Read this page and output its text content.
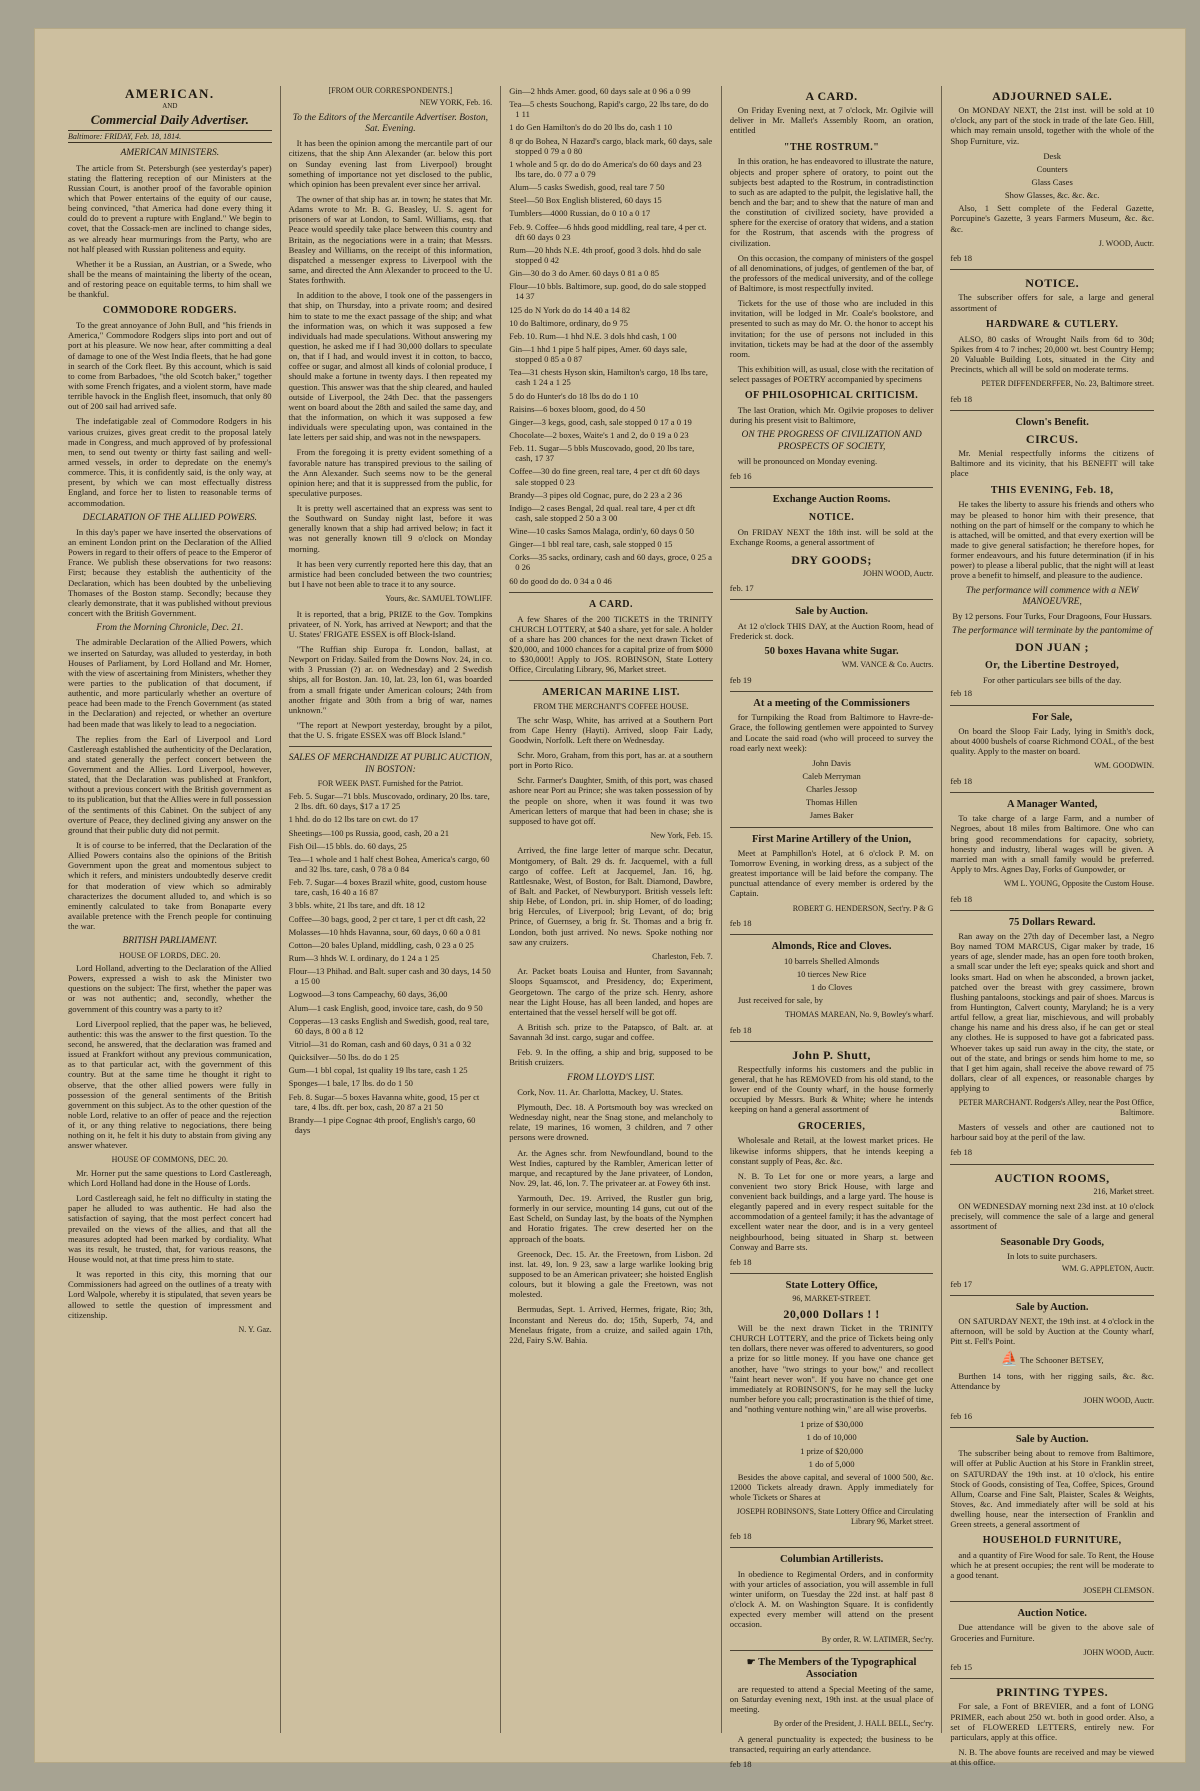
AMERICAN.
AND
Commercial Daily Advertiser.
Baltimore: FRIDAY, Feb. 18, 1814.
AMERICAN MINISTERS.

The article from St. Petersburgh (see yesterday's paper) stating the flattering reception of our Ministers at the Russian Court, is another proof of the favorable opinion which that Power entertains of the equity of our cause, being convinced, "that America had done every thing it could do to prevent a rupture with England." We begin to covet, that the Cossack-men are inclined to change sides, as we already hear murmurings from the Party, who are not half pleased with Russian politeness and equity.

Whether it be a Russian, an Austrian, or a Swede, who shall be the means of maintaining the liberty of the ocean, and of restoring peace on equitable terms, to him shall we be thankful.

COMMODORE RODGERS.

To the great annoyance of John Bull, and "his friends in America," Commodore Rodgers slips into port and out of port at his pleasure. We now hear, after committing a deal of damage to one of the West India fleets, that he had gone in search of the Cork fleet. By this account, which is said to come from Barbadoes, "the old Scotch baker," together with some French frigates, and a violent storm, have made terrible havock in the English fleet, insomuch, that only 80 out of 200 sail had arrived safe.

The indefatigable zeal of Commodore Rodgers in his various cruizes, gives great credit to the proposal lately made in Congress, and much approved of by professional men, to send out twenty or thirty fast sailing and well-armed vessels, in order to depredate on the enemy's commerce. This, it is confidently said, is the only way, at present, by which we can most effectually distress England, and force her to listen to reasonable terms of accommodation.

DECLARATION OF THE ALLIED POWERS.

In this day's paper we have inserted the observations of an eminent London print on the Declaration of the Allied Powers in regard to their offers of peace to the Emperor of France. We publish these observations for two reasons: First; because they establish the authenticity of the Declaration, which has been doubted by the unbelieving Thomases of the Boston stamp. Secondly; because they clearly demonstrate, that it was published without previous concert with the British Government.

From the Morning Chronicle, Dec. 21.

The admirable Declaration of the Allied Powers, which we inserted on Saturday, was alluded to yesterday, in both Houses of Parliament, by Lord Holland and Mr. Horner, with the view of ascertaining from Ministers, whether they were parties to the publication of that document, if authentic, and more particularly whether an overture of peace had been made to the French Government (as stated in the Declaration) and rejected, or whether an overture had been made that was likely to lead to a negociation.

The replies from the Earl of Liverpool and Lord Castlereagh established the authenticity of the Declaration, and stated generally the perfect concert between the Government and the Allies. Lord Liverpool, however, stated, that the Declaration was published at Frankfort, without a previous concert with the British government as to its publication, but that the Allies were in full possession of the sentiments of this Cabinet. On the subject of any overture of Peace, they declined giving any answer on the ground that their public duty did not permit.

It is of course to be inferred, that the Declaration of the Allied Powers contains also the opinions of the British Government upon the great and momentous subject to which it refers, and ministers undoubtedly deserve credit for that moderation of view which so admirably characterizes the document alluded to, and which is so eminently calculated to take from Bonaparte every available pretence with the French people for continuing the war.

BRITISH PARLIAMENT.
HOUSE OF LORDS, DEC. 20.

Lord Holland, adverting to the Declaration of the Allied Powers, expressed a wish to ask the Minister two questions on the subject: The first, whether the paper was or was not authentic; and, secondly, whether the government of this country was a party to it?

Lord Liverpool replied, that the paper was, he believed, authentic: this was the answer to the first question. To the second, he answered, that the declaration was framed and issued at Frankfort without any previous communication, as to that particular act, with the government of this country. But at the same time he thought it right to observe, that the other allied powers were fully in possession of the general sentiments of the British government on this subject. As to the other question of the noble Lord, relative to an offer of peace and the rejection of it, or any thing relative to negociations, there being nothing on it, he felt it his duty to abstain from giving any answer whatever.

HOUSE OF COMMONS, DEC. 20.

Mr. Horner put the same questions to Lord Castlereagh, which Lord Holland had done in the House of Lords.

Lord Castlereagh said, he felt no difficulty in stating the paper he alluded to was authentic. He had also the satisfaction of saying, that the most perfect concert had prevailed on the views of the allies, and that all the measures adopted had been marked by cordiality. What was its result, he trusted, that, for various reasons, the House would not, at that time press him to state.

It was reported in this city, this morning that our Commissioners had agreed on the outlines of a treaty with Lord Walpole, whereby it is stipulated, that seven years be allowed to settle the question of impressment and citizenship.

N. Y. Gaz.
[FROM OUR CORRESPONDENTS.]
NEW YORK, Feb. 16.
To the Editors of the Mercantile Advertiser. Boston, Sat. Evening.

It has been the opinion among the mercantile part of our citizens, that the ship Ann Alexander (ar. below this port on Sunday evening last from Liverpool) brought something of importance not yet disclosed to the public, which opinion has been prevalent ever since her arrival.

The owner of that ship has ar. in town; he states that Mr. Adams wrote to Mr. B. G. Beasley, U. S. agent for prisoners of war at London, to Saml. Williams, esq. that Peace would speedily take place between this country and Britain, as the negociations were in a train; that Messrs. Beasley and Williams, on the receipt of this information, dispatched a messenger express to Liverpool with the same, and directed the Ann Alexander to proceed to the U. States forthwith.

In addition to the above, I took one of the passengers in that ship, on Thursday, into a private room; and desired him to state to me the exact passage of the ship; and what the information was, on which it was supposed a few individuals had made speculations. Without answering my question, he asked me if I had 30,000 dollars to speculate on, that if I had, and would invest it in cotton, to bacco, coffee or sugar, and almost all kinds of colonial produce, I should make a fortune in twenty days. I then repeated my question. This answer was that the ship cleared, and hauled outside of Liverpool, the 24th Dec. that the passengers went on board about the 28th and sailed the same day, and that the information, on which it was supposed a few individuals were speculating upon, was contained in the late letters per said ship, and was not in the newspapers.

From the foregoing it is pretty evident something of a favorable nature has transpired previous to the sailing of the Ann Alexander. Such seems now to be the general opinion here; and that it is suppressed from the public, for speculative purposes.

It is pretty well ascertained that an express was sent to the Southward on Sunday night last, before it was generally known that a ship had arrived below; in fact it was not generally known till 9 o'clock on Monday morning.

It has been very currently reported here this day, that an armistice had been concluded between the two countries; but I have not been able to trace it to any source.

Yours, &c. SAMUEL TOWLIFF.

It is reported, that a brig, PRIZE to the Gov. Tompkins privateer, of N. York, has arrived at Newport; and that the U. States' FRIGATE ESSEX is off Block-Island.

"The Ruffian ship Europa fr. London, ballast, at Newport on Friday. Sailed from the Downs Nov. 24, in co. with 3 Prussian (?) ar. on Wednesday) and 2 Swedish ships, all for Boston. Jan. 10, lat. 23, lon 61, was boarded from a small frigate under American colours; 24th from another frigate and 30th from a brig of war, names unknown."

"The report at Newport yesterday, brought by a pilot, that the U. S. frigate ESSEX was off Block Island."

SALES OF MERCHANDIZE AT PUBLIC AUCTION, IN BOSTON:
FOR WEEK PAST. Furnished for the Patriot.
Feb. 5. Sugar—71 bbls. Muscovado, ordinary, 20 lbs. tare, 2 lbs. dft. 60 days, $17 a 17 25
1 hhd. do do 12 lbs tare on cwt. do 17
Sheetings—100 ps Russia, good, cash, 20 a 21
Fish Oil—15 bbls. do. 60 days, 25
Tea—1 whole and 1 half chest Bohea, America's cargo, 60 and 32 lbs. tare, cash, 0 78 a 0 84
Feb. 7. Sugar—4 boxes Brazil white, good, custom house tare, cash, 16 40 a 16 87
3 bbls. white, 21 lbs tare, and dft. 18 12
Coffee—30 bags, good, 2 per ct tare, 1 per ct dft cash, 22
Molasses—10 hhds Havanna, sour, 60 days, 0 60 a 0 81
Cotton—20 bales Upland, middling, cash, 0 23 a 0 25
Rum—3 hhds W. I. ordinary, do 1 24 a 1 25
Flour—13 Phihad. and Balt. super cash and 30 days, 14 50 a 15 00
Logwood—3 tons Campeachy, 60 days, 36,00
Alum—1 cask English, good, invoice tare, cash, do 9 50
Copperas—13 casks English and Swedish, good, real tare, 60 days, 8 00 a 8 12
Vitriol—31 do Roman, cash and 60 days, 0 31 a 0 32
Quicksilver—50 lbs. do do 1 25
Gum—1 bbl copal, 1st quality 19 lbs tare, cash 1 25
Sponges—1 bale, 17 lbs. do do 1 50
Feb. 8. Sugar—5 boxes Havanna white, good, 15 per ct tare, 4 lbs. dft. per box, cash, 20 87 a 21 50
Brandy—1 pipe Cognac 4th proof, English's cargo, 60 days
Gin—2 hhds Amer. good, 60 days sale at 0 96 a 0 99
Tea—5 chests Souchong, Rapid's cargo, 22 lbs tare, do do 1 11
1 do Gen Hamilton's do do 20 lbs do, cash 1 10
8 qr do Bohea, N Hazard's cargo, black mark, 60 days, sale stopped 0 79 a 0 80
1 whole and 5 qr. do do do America's do 60 days and 23 lbs tare, do. 0 77 a 0 79
Alum—5 casks Swedish, good, real tare 7 50
Steel—50 Box English blistered, 60 days 15
Tumblers—4000 Russian, do 0 10 a 0 17
Feb. 9. Coffee—6 hhds good middling, real tare, 4 per ct. dft 60 days 0 23
Rum—20 hhds N.E. 4th proof, good 3 dols. hhd do sale stopped 0 42
Gin—30 do 3 do Amer. 60 days 0 81 a 0 85
Flour—10 bbls. Baltimore, sup. good, do do sale stopped 14 37
125 do N York do do 14 40 a 14 82
10 do Baltimore, ordinary, do 9 75
Feb. 10. Rum—1 hhd N.E. 3 dols hhd cash, 1 00
Gin—1 hhd 1 pipe 5 half pipes, Amer. 60 days sale, stopped 0 85 a 0 87
Tea—31 chests Hyson skin, Hamilton's cargo, 18 lbs tare, cash 1 24 a 1 25
5 do do Hunter's do 18 lbs do do 1 10
Raisins—6 boxes bloom, good, do 4 50
Ginger—3 kegs, good, cash, sale stopped 0 17 a 0 19
Chocolate—2 boxes, Waite's 1 and 2, do 0 19 a 0 23
Feb. 11. Sugar—5 bbls Muscovado, good, 20 lbs tare, cash, 17 37
Coffee—30 do fine green, real tare, 4 per ct dft 60 days sale stopped 0 23
Brandy—3 pipes old Cognac, pure, do 2 23 a 2 36
Indigo—2 cases Bengal, 2d qual. real tare, 4 per ct dft cash, sale stopped 2 50 a 3 00
Wine—10 casks Samos Malaga, ordin'y, 60 days 0 50
Ginger—1 bbl real tare, cash, sale stopped 0 15
Corks—35 sacks, ordinary, cash and 60 days, groce, 0 25 a 0 26
60 do good do do. 0 34 a 0 46
A CARD.

A few Shares of the 200 TICKETS in the TRINITY CHURCH LOTTERY, at $40 a share, yet for sale. A holder of a share has 200 chances for the next drawn Ticket of $20,000, and 1000 chances for a capital prize of from $000 to $30,000!! Apply to JOS. ROBINSON, State Lottery Office, Circulating Library, 96, Market street.

AMERICAN MARINE LIST.
FROM THE MERCHANT'S COFFEE HOUSE.

The schr Wasp, White, has arrived at a Southern Port from Cape Henry (Hayti). Arrived, sloop Fair Lady, Goodwin, Norfolk. Left there on Wednesday.

Schr. Moro, Graham, from this port, has ar. at a southern port in Porto Rico.

Schr. Farmer's Daughter, Smith, of this port, was chased ashore near Port au Prince; she was taken possession of by the people on shore, when it was found it was two American letters of marque that had been in chase; she is supposed to have got off.

New York, Feb. 15.

Arrived, the fine large letter of marque schr. Decatur, Montgomery, of Balt. 29 ds. fr. Jacquemel, with a full cargo of coffee. Left at Jacquemel, Jan. 16, hg. Rattlesnake, West, of Boston, for Balt. Diamond, Dawbre, of Balt. and Packet, of Newburyport. British vessels left: ship Hebe, of London, pri. in. ship Homer, of do loading; brig Hercules, of Liverpool; brig Levant, of do; brig Prince, of Guernsey, a brig fr. St. Thomas and a brig fr. London, both just arrived. No news. Spoke nothing nor saw any cruizers.

Charleston, Feb. 7.

Ar. Packet boats Louisa and Hunter, from Savannah; Sloops Squamscot, and Presidency, do; Experiment, Georgetown. The cargo of the prize sch. Henry, ashore near the Light House, has all been landed, and hopes are entertained that the vessel herself will be got off.

A British sch. prize to the Patapsco, of Balt. ar. at Savannah 3d inst. cargo, sugar and coffee.

Feb. 9. In the offing, a ship and brig, supposed to be British cruizers.

FROM LLOYD'S LIST.

Cork, Nov. 11. Ar. Charlotta, Mackey, U. States.

Plymouth, Dec. 18. A Portsmouth boy was wrecked on Wednesday night, near the Snag stone, and melancholy to relate, 19 marines, 16 women, 3 children, and 7 other persons were drowned.

Ar. the Agnes schr. from Newfoundland, bound to the West Indies, captured by the Rambler, American letter of marque, and recaptured by the Jane privateer, of London, Nov. 29, lat. 46, lon. 7. The privateer ar. at Fowey 6th inst.

Yarmouth, Dec. 19. Arrived, the Rustler gun brig, formerly in our service, mounting 14 guns, cut out of the East Scheld, on Sunday last, by the boats of the Nymphen and Horatio frigates. The crew deserted her on the approach of the boats.

Greenock, Dec. 15. Ar. the Freetown, from Lisbon. 2d inst. lat. 49, lon. 9 23, saw a large warlike looking brig supposed to be an American privateer; she hoisted English colours, but it blowing a gale the Freetown, was not molested.

Bermudas, Sept. 1. Arrived, Hermes, frigate, Rio; 3th, Inconstant and Nereus do. do; 15th, Superb, 74, and Menelaus frigate, from a cruize, and sailed again 17th, 22d, Fairy S.W. Bahia.

A CARD.

On Friday Evening next, at 7 o'clock, Mr. Ogilvie will deliver in Mr. Mallet's Assembly Room, an oration, entitled

"THE ROSTRUM."

In this oration, he has endeavored to illustrate the nature, objects and proper sphere of oratory, to point out the subjects best adapted to the Rostrum, in contradistinction to such as are adapted to the pulpit, the legislative hall, the bench and the bar; and to shew that the nature of man and the constitution of civilized society, have provided a sphere for the exercise of oratory that widens, and a station for the Rostrum, that ascends with the progress of civilization.

On this occasion, the company of ministers of the gospel of all denominations, of judges, of gentlemen of the bar, of the professors of the medical university, and of the college of Baltimore, is most respectfully invited.

Tickets for the use of those who are included in this invitation, will be lodged in Mr. Coale's bookstore, and presented to such as may do Mr. O. the honor to accept his invitation; for the use of persons not included in this invitation, tickets may be had at the door of the assembly room.

This exhibition will, as usual, close with the recitation of select passages of POETRY accompanied by specimens

OF PHILOSOPHICAL CRITICISM.

The last Oration, which Mr. Ogilvie proposes to deliver during his present visit to Baltimore,

ON THE PROGRESS OF CIVILIZATION AND PROSPECTS OF SOCIETY,

will be pronounced on Monday evening.

feb 16
Exchange Auction Rooms.
NOTICE.

On FRIDAY NEXT the 18th inst. will be sold at the Exchange Rooms, a general assortment of

DRY GOODS;
JOHN WOOD, Auctr.
feb. 17
Sale by Auction.

At 12 o'clock THIS DAY, at the Auction Room, head of Frederick st. dock.

50 boxes Havana white Sugar.
WM. VANCE & Co. Auctrs.
feb 19
At a meeting of the Commissioners

for Turnpiking the Road from Baltimore to Havre-de-Grace, the following gentlemen were appointed to Survey and Locate the said road (who will proceed to survey the road early next week):

John Davis
Caleb Merryman
Charles Jessop
Thomas Hillen
James Baker
First Marine Artillery of the Union,

Meet at Pamphillon's Hotel, at 6 o'clock P. M. on Tomorrow Evening, in working dress, as a subject of the greatest importance will be laid before the company. The punctual attendance of every member is ordered by the Captain.

ROBERT G. HENDERSON, Sect'ry. P & G
feb 18
Almonds, Rice and Cloves.
10 barrels Shelled Almonds
10 tierces New Rice
1 do Cloves

Just received for sale, by

THOMAS MAREAN, No. 9, Bowley's wharf.
feb 18
John P. Shutt,

Respectfully informs his customers and the public in general, that he has REMOVED from his old stand, to the lower end of the County wharf, in the house formerly occupied by Messrs. Burk & White; where he intends keeping on hand a general assortment of

GROCERIES,

Wholesale and Retail, at the lowest market prices. He likewise informs shippers, that he intends keeping a constant supply of Peas, &c. &c.

N. B. To Let for one or more years, a large and convenient two story Brick House, with large and convenient back buildings, and a large yard. The house is elegantly papered and in every respect suitable for the accommodation of a genteel family; it has the advantage of excellent water near the door, and is in a very genteel neighbourhood, being situated in Sharp st. between Conway and Barre sts.

feb 18
State Lottery Office,
96, MARKET-STREET.
20,000 Dollars ! !

Will be the next drawn Ticket in the TRINITY CHURCH LOTTERY, and the price of Tickets being only ten dollars, there never was offered to adventurers, so good a prize for so little money. If you have one chance get another, have "two strings to your bow," and recollect "faint heart never won". If you have no chance get one immediately at ROBINSON'S, for he may sell the lucky number before you call; procrastination is the thief of time, and "nothing venture nothing win," are all wise proverbs.

1 prize of $30,000
1 do of 10,000
1 prize of $20,000
1 do of 5,000

Besides the above capital, and several of 1000 500, &c. 12000 Tickets already drawn. Apply immediately for whole Tickets or Shares at

JOSEPH ROBINSON'S, State Lottery Office and Circulating Library 96, Market street.
feb 18
Columbian Artillerists.

In obedience to Regimental Orders, and in conformity with your articles of association, you will assemble in full winter uniform, on Tuesday the 22d inst. at half past 8 o'clock A. M. on Washington Square. It is confidently expected every member will attend on the present occasion.

By order, R. W. LATIMER, Sec'ry.
☛ The Members of the Typographical Association

are requested to attend a Special Meeting of the same, on Saturday evening next, 19th inst. at the usual place of meeting.

By order of the President, J. HALL BELL, Sec'ry.

A general punctuality is expected; the business to be transacted, requiring an early attendance.

feb 18
ADJOURNED SALE.

On MONDAY NEXT, the 21st inst. will be sold at 10 o'clock, any part of the stock in trade of the late Geo. Hill, which may remain unsold, together with the whole of the Shop Furniture, viz.

Desk
Counters
Glass Cases
Show Glasses, &c. &c. &c.

Also, 1 Sett complete of the Federal Gazette, Porcupine's Gazette, 3 years Farmers Museum, &c. &c. &c.

J. WOOD, Auctr.
feb 18
NOTICE.

The subscriber offers for sale, a large and general assortment of

HARDWARE & CUTLERY.

ALSO, 80 casks of Wrought Nails from 6d to 30d; Spikes from 4 to 7 inches; 20,000 wt. best Country Hemp; 20 Valuable Building Lots, situated in the City and Precincts, which all will be sold on moderate terms.

PETER DIFFENDERFFER, No. 23, Baltimore street.
feb 18
Clown's Benefit.
CIRCUS.

Mr. Menial respectfully informs the citizens of Baltimore and its vicinity, that his BENEFIT will take place

THIS EVENING, Feb. 18,

He takes the liberty to assure his friends and others who may be pleased to honor him with their presence, that nothing on the part of himself or the company to which he is attached, will be omitted, and that every exertion will be made to give general satisfaction; he therefore hopes, for former endeavours, and his future determination (if in his power) to please a liberal public, that the night will at least prove a benefit to himself, and pleasure to the audience.

The performance will commence with a NEW MANOEUVRE,
By 12 persons. Four Turks, Four Dragoons, Four Hussars.
The performance will terminate by the pantomime of
DON JUAN ;
Or, the Libertine Destroyed,
For other particulars see bills of the day.
feb 18
For Sale,

On board the Sloop Fair Lady, lying in Smith's dock, about 4000 bushels of coarse Richmond COAL, of the best quality. Apply to the master on board.

WM. GOODWIN.
feb 18
A Manager Wanted,

To take charge of a large Farm, and a number of Negroes, about 18 miles from Baltimore. One who can bring good recommendations for capacity, sobriety, honesty and industry, liberal wages will be given. A married man with a small family would be preferred. Apply to Mrs. Agnes Day, Forks of Gunpowder, or

WM L. YOUNG, Opposite the Custom House.
feb 18
75 Dollars Reward.

Ran away on the 27th day of December last, a Negro Boy named TOM MARCUS, Cigar maker by trade, 16 years of age, slender made, has an open fore tooth broken, a small scar under the left eye; speaks quick and short and looks smart. Had on when he absconded, a brown jacket, patched over the breast with grey cassimere, brown flushing pantaloons, stockings and pair of shoes. Marcus is from Huntington, Calvert county, Maryland; he is a very artful fellow, a great liar, mischievous, and will probably change his name and his dress also, if he can get or steal any clothes. He is supposed to have got a fabricated pass. Whoever takes up said run away in the city, the state, or out of the state, and brings or sends him home to me, so that I get him again, shall receive the above reward of 75 dollars, clear of all expences, or reasonable charges by applying to

PETER MARCHANT. Rodgers's Alley, near the Post Office, Baltimore.

Masters of vessels and other are cautioned not to harbour said boy at the peril of the law.

feb 18
AUCTION ROOMS,
216, Market street.

ON WEDNESDAY morning next 23d inst. at 10 o'clock precisely, will commence the sale of a large and general assortment of

Seasonable Dry Goods,
In lots to suite purchasers.
WM. G. APPLETON, Auctr.
feb 17
Sale by Auction.

ON SATURDAY NEXT, the 19th inst. at 4 o'clock in the afternoon, will be sold by Auction at the County wharf, Pitt st. Fell's Point.

⛵ The Schooner BETSEY,

Burthen 14 tons, with her rigging sails, &c. &c. Attendance by

JOHN WOOD, Auctr.
feb 16
Sale by Auction.

The subscriber being about to remove from Baltimore, will offer at Public Auction at his Store in Franklin street, on SATURDAY the 19th inst. at 10 o'clock, his entire Stock of Goods, consisting of Tea, Coffee, Spices, Ground Allum, Coarse and Fine Salt, Plaister, Scales & Weights, Stoves, &c. And immediately after will be sold at his dwelling house, near the intersection of Franklin and Green streets, a general assortment of

HOUSEHOLD FURNITURE,

and a quantity of Fire Wood for sale. To Rent, the House which he at present occupies; the rent will be moderate to a good tenant.

JOSEPH CLEMSON.
Auction Notice.

Due attendance will be given to the above sale of Groceries and Furniture.

JOHN WOOD, Auctr.
feb 15
PRINTING TYPES.

For sale, a Font of BREVIER, and a font of LONG PRIMER, each about 250 wt. both in good order. Also, a set of FLOWERED LETTERS, entirely new. For particulars, apply at this office.

N. B. The above founts are received and may be viewed at this office.
